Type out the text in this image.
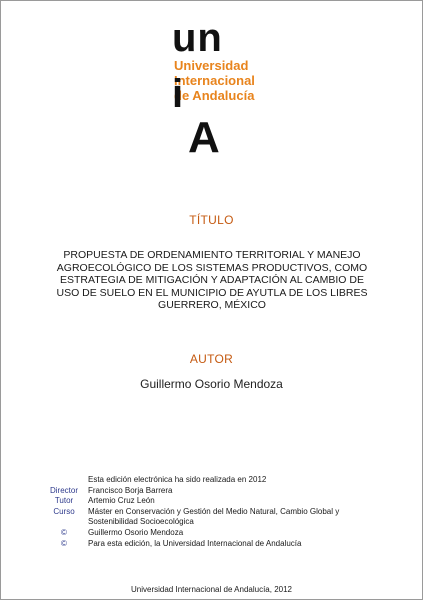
un
Universidad
Internacional
de Andalucía
i
A
TÍTULO
PROPUESTA DE ORDENAMIENTO TERRITORIAL Y MANEJO
AGROECOLÓGICO DE LOS SISTEMAS PRODUCTIVOS, COMO
ESTRATEGIA DE MITIGACIÓN Y ADAPTACIÓN AL CAMBIO DE
USO DE SUELO EN EL MUNICIPIO DE AYUTLA DE LOS LIBRES
GUERRERO, MÉXICO
AUTOR
Guillermo Osorio Mendoza
Esta edición electrónica ha sido realizada en 2012
Director	Francisco Borja Barrera
Tutor	Artemio Cruz León
Curso	Máster en Conservación y Gestión del Medio Natural, Cambio Global y
Sostenibilidad Socioecológica
©	Guillermo Osorio Mendoza
©	Para esta edición, la Universidad Internacional de Andalucía
Universidad Internacional de Andalucía, 2012
